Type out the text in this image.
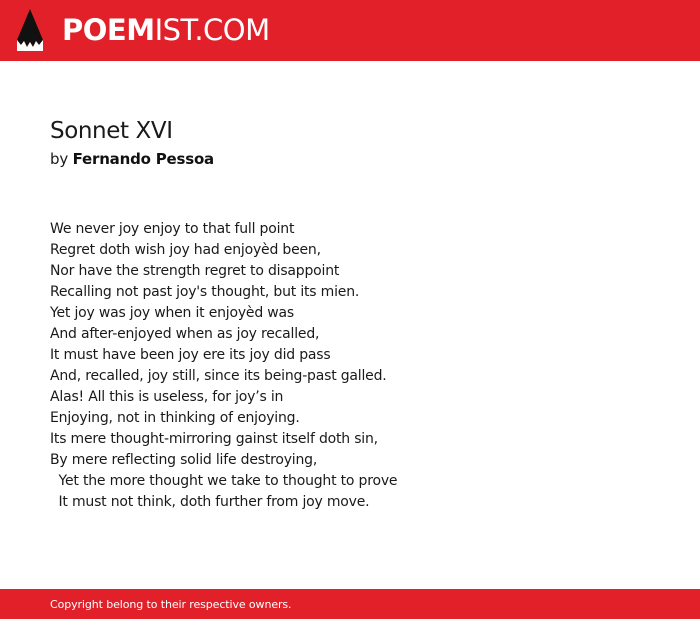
POEMIST.COM
Sonnet XVI
by Fernando Pessoa
We never joy enjoy to that full point
Regret doth wish joy had enjoyèd been,
Nor have the strength regret to disappoint
Recalling not past joy's thought, but its mien.
Yet joy was joy when it enjoyèd was
And after-enjoyed when as joy recalled,
It must have been joy ere its joy did pass
And, recalled, joy still, since its being-past galled.
Alas! All this is useless, for joy’s in
Enjoying, not in thinking of enjoying.
Its mere thought-mirroring gainst itself doth sin,
By mere reflecting solid life destroying,
Yet the more thought we take to thought to prove
It must not think, doth further from joy move.
Copyright belong to their respective owners.
